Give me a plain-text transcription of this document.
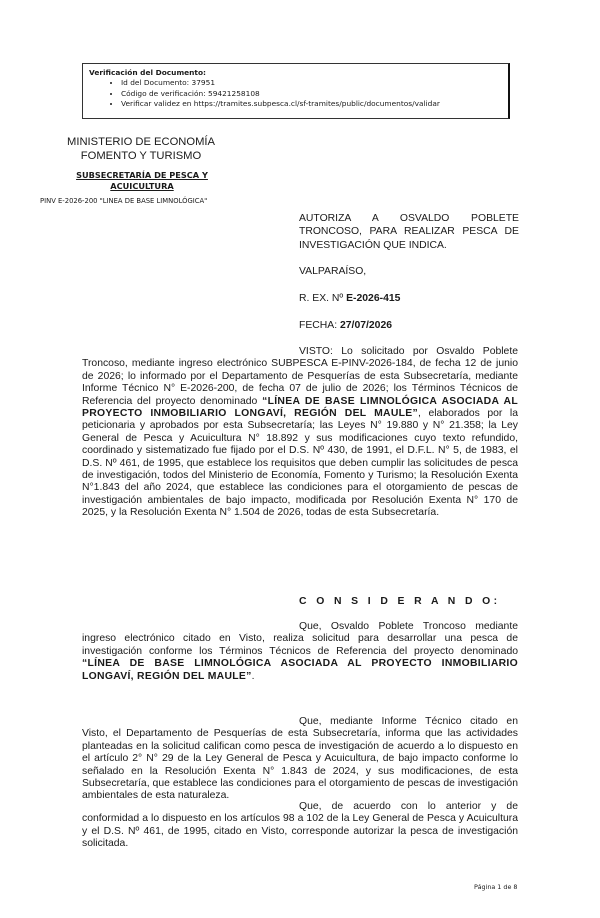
Verificación del Documento:
• Id del Documento: 37951
• Código de verificación: 59421258108
• Verificar validez en https://tramites.subpesca.cl/sf-tramites/public/documentos/validar
MINISTERIO DE ECONOMÍA
FOMENTO Y TURISMO
SUBSECRETARÍA DE PESCA Y
ACUICULTURA
PINV E-2026-200 "LINEA DE BASE LIMNOLÓGICA"
AUTORIZA A OSVALDO POBLETE TRONCOSO, PARA REALIZAR PESCA DE INVESTIGACIÓN QUE INDICA.
VALPARAÍSO,
R. EX. Nº E-2026-415
FECHA: 27/07/2026
VISTO: Lo solicitado por Osvaldo Poblete Troncoso, mediante ingreso electrónico SUBPESCA E-PINV-2026-184, de fecha 12 de junio de 2026; lo informado por el Departamento de Pesquerías de esta Subsecretaría, mediante Informe Técnico N° E-2026-200, de fecha 07 de julio de 2026; los Términos Técnicos de Referencia del proyecto denominado “LÍNEA DE BASE LIMNOLÓGICA ASOCIADA AL PROYECTO INMOBILIARIO LONGAVÍ, REGIÓN DEL MAULE”, elaborados por la peticionaria y aprobados por esta Subsecretaría; las Leyes N° 19.880 y N° 21.358; la Ley General de Pesca y Acuicultura N° 18.892 y sus modificaciones cuyo texto refundido, coordinado y sistematizado fue fijado por el D.S. Nº 430, de 1991, el D.F.L. N° 5, de 1983, el D.S. Nº 461, de 1995, que establece los requisitos que deben cumplir las solicitudes de pesca de investigación, todos del Ministerio de Economía, Fomento y Turismo; la Resolución Exenta N°1.843 del año 2024, que establece las condiciones para el otorgamiento de pescas de investigación ambientales de bajo impacto, modificada por Resolución Exenta N° 170 de 2025, y la Resolución Exenta N° 1.504 de 2026, todas de esta Subsecretaría.
C O N S I D E R A N D O:
Que, Osvaldo Poblete Troncoso mediante ingreso electrónico citado en Visto, realiza solicitud para desarrollar una pesca de investigación conforme los Términos Técnicos de Referencia del proyecto denominado “LÍNEA DE BASE LIMNOLÓGICA ASOCIADA AL PROYECTO INMOBILIARIO LONGAVÍ, REGIÓN DEL MAULE”.
Que, mediante Informe Técnico citado en Visto, el Departamento de Pesquerías de esta Subsecretaría, informa que las actividades planteadas en la solicitud califican como pesca de investigación de acuerdo a lo dispuesto en el artículo 2° N° 29 de la Ley General de Pesca y Acuicultura, de bajo impacto conforme lo señalado en la Resolución Exenta N° 1.843 de 2024, y sus modificaciones, de esta Subsecretaría, que establece las condiciones para el otorgamiento de pescas de investigación ambientales de esta naturaleza.
Que, de acuerdo con lo anterior y de conformidad a lo dispuesto en los artículos 98 a 102 de la Ley General de Pesca y Acuicultura y el D.S. Nº 461, de 1995, citado en Visto, corresponde autorizar la pesca de investigación solicitada.
Página 1 de 8
